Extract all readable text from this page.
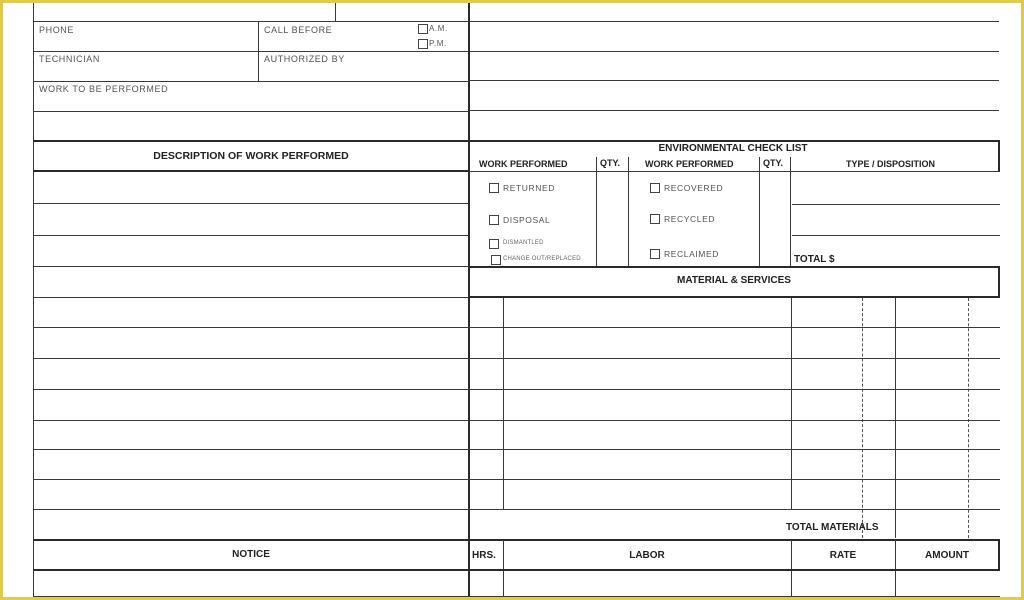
PHONE	CALL BEFORE	A.M.
P.M.
TECHNICIAN	AUTHORIZED BY
WORK TO BE PERFORMED
DESCRIPTION OF WORK PERFORMED
ENVIRONMENTAL CHECK LIST
WORK PERFORMED	QTY.	WORK PERFORMED	QTY.	TYPE / DISPOSITION
RETURNED
DISPOSAL
DISMANTLED
CHANGE OUT/REPLACED
RECOVERED
RECYCLED
RECLAIMED	TOTAL $
MATERIAL & SERVICES
TOTAL MATERIALS
NOTICE	HRS.	LABOR	RATE	AMOUNT
